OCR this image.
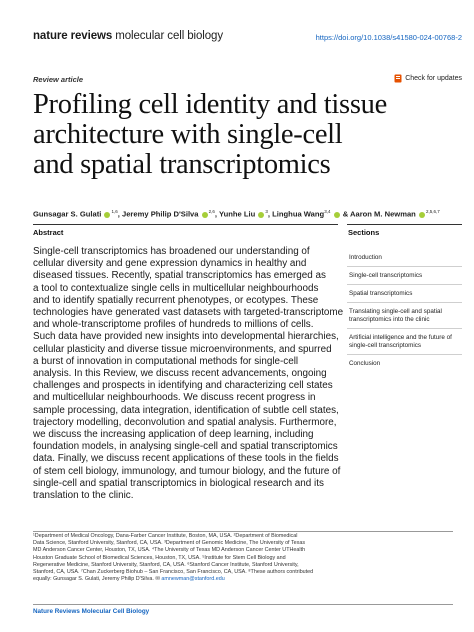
nature reviews molecular cell biology	https://doi.org/10.1038/s41580-024-00768-2
Review article	Check for updates
Profiling cell identity and tissue
architecture with single-cell
and spatial transcriptomics
Gunsagar S. Gulati $^{1,6}$, Jeremy Philip D'Silva $^{2,6}$, Yunhe Liu $^3$, Linghua Wang$^{3,4}$  & Aaron M. Newman $^{2,5,6,7}$
Abstract	Sections
Single-cell transcriptomics has broadened our understanding of
cellular diversity and gene expression dynamics in healthy and
diseased tissues. Recently, spatial transcriptomics has emerged as
a tool to contextualize single cells in multicellular neighbourhoods
and to identify spatially recurrent phenotypes, or ecotypes. These
technologies have generated vast datasets with targeted-transcriptome
and whole-transcriptome profiles of hundreds to millions of cells.
Such data have provided new insights into developmental hierarchies,
cellular plasticity and diverse tissue microenvironments, and spurred
a burst of innovation in computational methods for single-cell
analysis. In this Review, we discuss recent advancements, ongoing
challenges and prospects in identifying and characterizing cell states
and multicellular neighbourhoods. We discuss recent progress in
sample processing, data integration, identification of subtle cell states,
trajectory modelling, deconvolution and spatial analysis. Furthermore,
we discuss the increasing application of deep learning, including
foundation models, in analysing single-cell and spatial transcriptomics
data. Finally, we discuss recent applications of these tools in the fields
of stem cell biology, immunology, and tumour biology, and the future of
single-cell and spatial transcriptomics in biological research and its
translation to the clinic.
Introduction
Single-cell transcriptomics
Spatial transcriptomics
Translating single-cell and spatial transcriptomics into the clinic
Artificial intelligence and the future of single-cell transcriptomics
Conclusion
¹Department of Medical Oncology, Dana-Farber Cancer Institute, Boston, MA, USA. ²Department of Biomedical
Data Science, Stanford University, Stanford, CA, USA. ³Department of Genomic Medicine, The University of Texas
MD Anderson Cancer Center, Houston, TX, USA. ⁴The University of Texas MD Anderson Cancer Center UTHealth
Houston Graduate School of Biomedical Sciences, Houston, TX, USA. ⁵Institute for Stem Cell Biology and
Regenerative Medicine, Stanford University, Stanford, CA, USA. ⁶Stanford Cancer Institute, Stanford University,
Stanford, CA, USA. ⁷Chan Zuckerberg Biohub – San Francisco, San Francisco, CA, USA. ⁸These authors contributed
equally: Gunsagar S. Gulati, Jeremy Philip D'Silva. ✉ amnewman@stanford.edu
Nature Reviews Molecular Cell Biology
